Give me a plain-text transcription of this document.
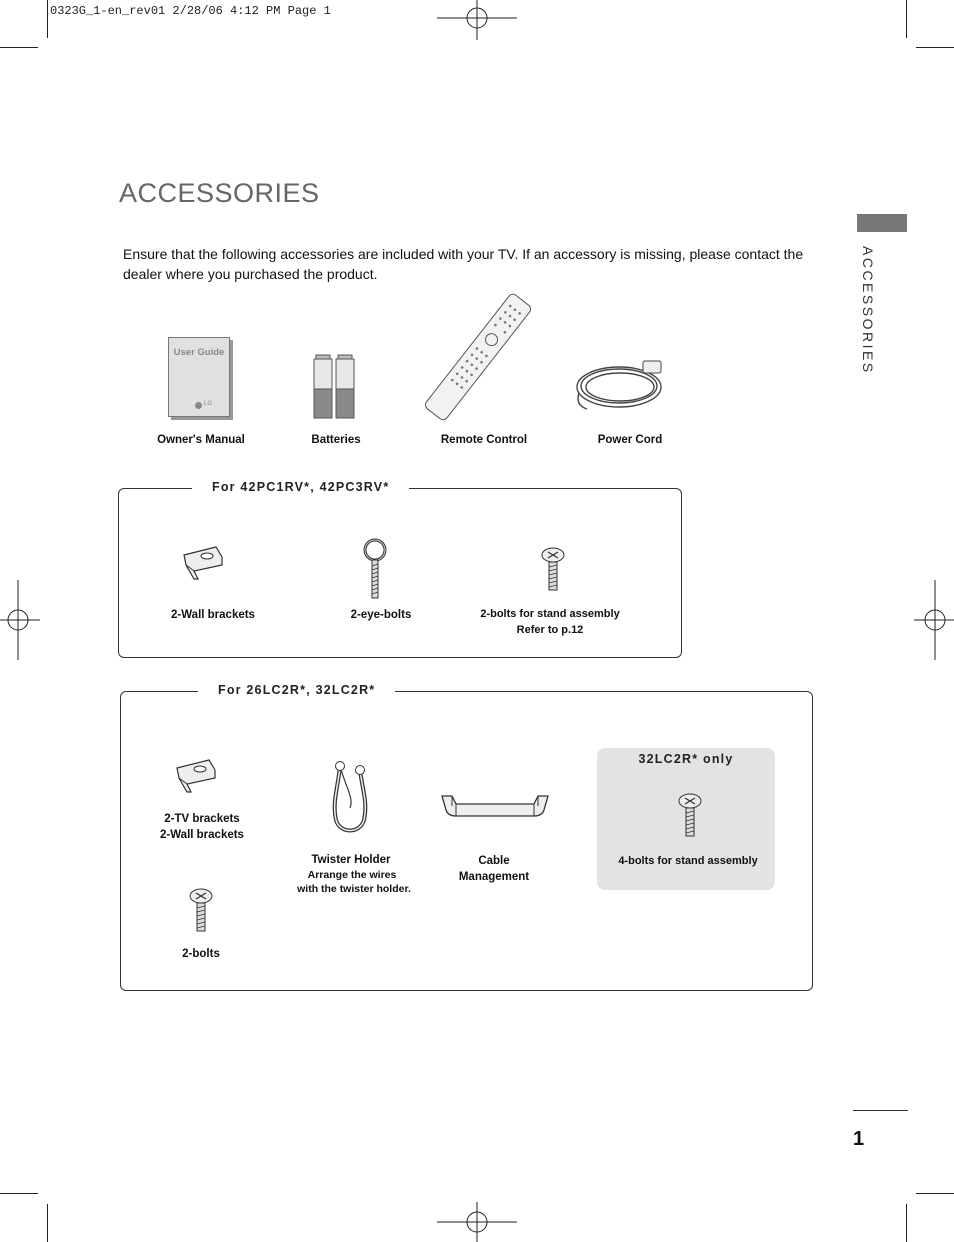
0323G_1-en_rev01 2/28/06 4:12 PM Page 1
ACCESSORIES
ACCESSORIES
Ensure that the following accessories are included with your TV. If an accessory is missing, please contact the dealer where you purchased the product.
User Guide
LG
Owner's Manual	Batteries	Remote Control	Power Cord
For 42PC1RV*, 42PC3RV*
2-Wall brackets	2-eye-bolts	2-bolts for stand assembly
Refer to p.12
For 26LC2R*, 32LC2R*
2-TV brackets
2-Wall brackets
2-bolts
Twister Holder
Arrange the wires
with the twister holder.
Cable
Management
32LC2R* only
4-bolts for stand assembly
1
